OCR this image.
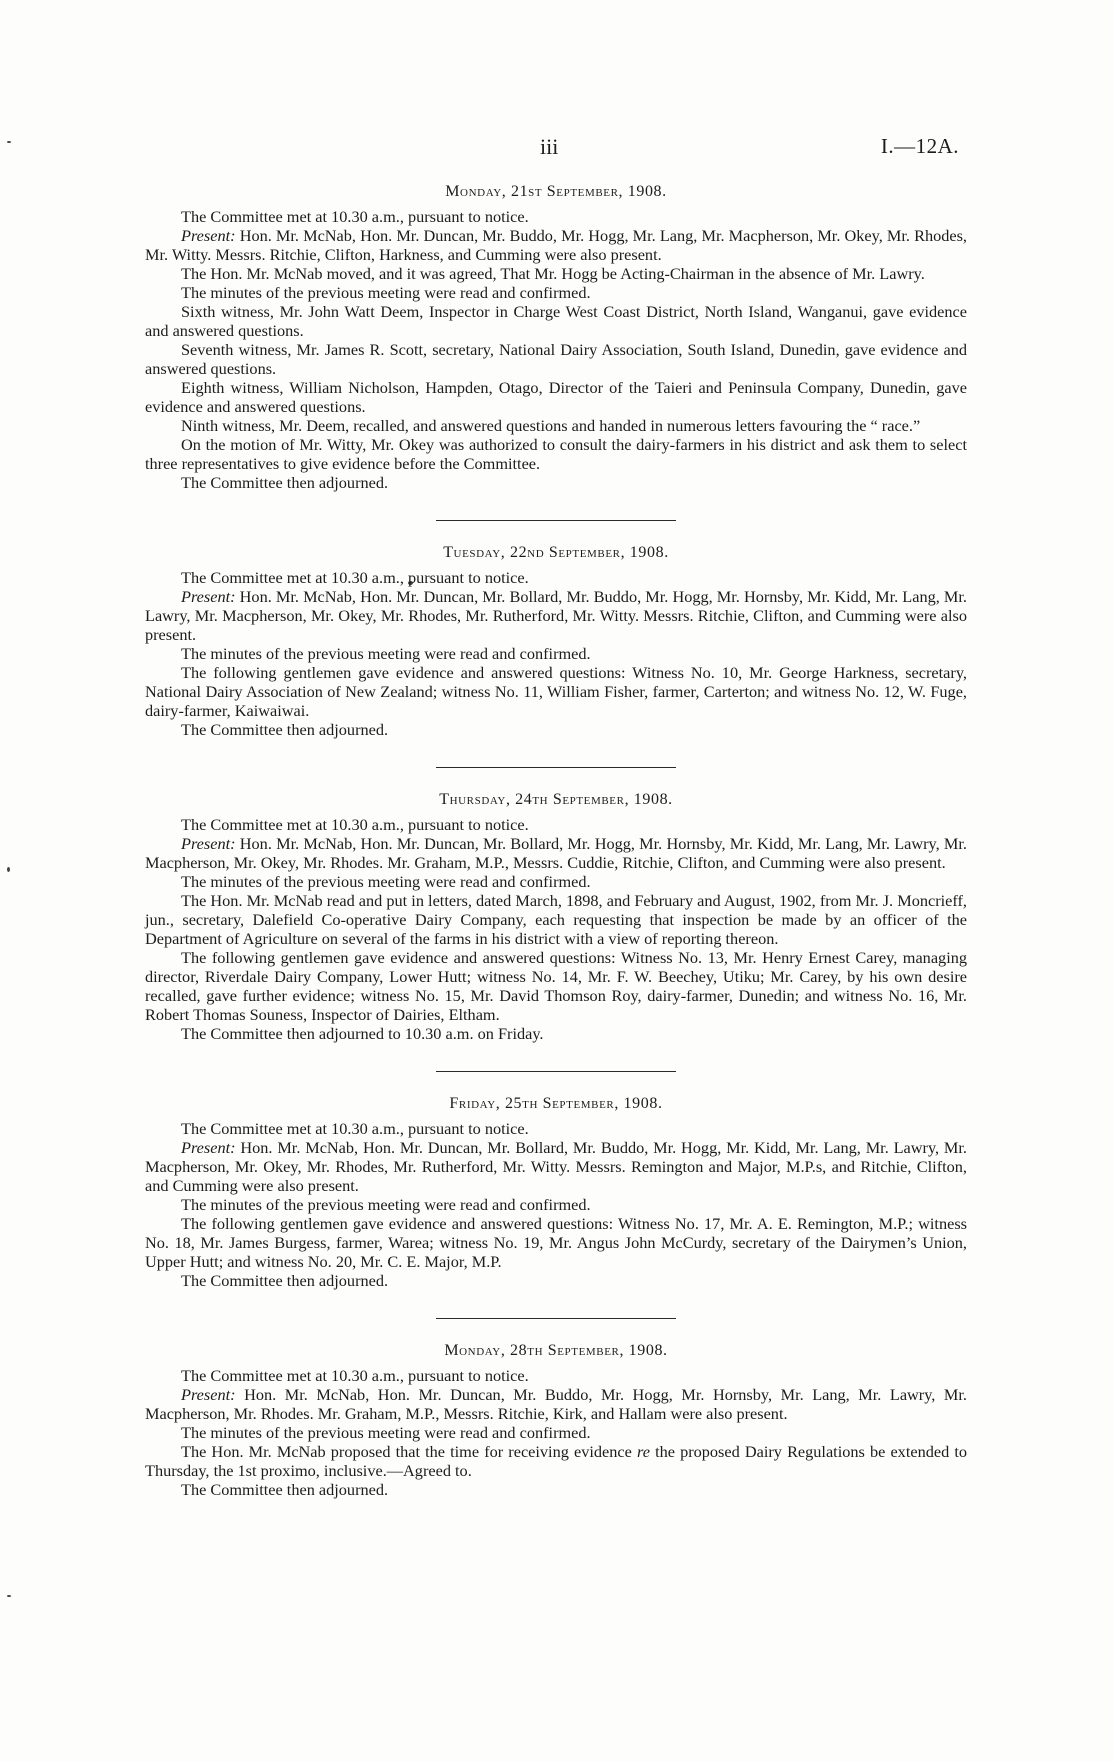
iii	I.—12A.

Monday, 21st September, 1908.

The Committee met at 10.30 a.m., pursuant to notice.

Present: Hon. Mr. McNab, Hon. Mr. Duncan, Mr. Buddo, Mr. Hogg, Mr. Lang, Mr. Macpherson, Mr. Okey, Mr. Rhodes, Mr. Witty. Messrs. Ritchie, Clifton, Harkness, and Cumming were also present.

The Hon. Mr. McNab moved, and it was agreed, That Mr. Hogg be Acting-Chairman in the absence of Mr. Lawry.

The minutes of the previous meeting were read and confirmed.

Sixth witness, Mr. John Watt Deem, Inspector in Charge West Coast District, North Island, Wanganui, gave evidence and answered questions.

Seventh witness, Mr. James R. Scott, secretary, National Dairy Association, South Island, Dunedin, gave evidence and answered questions.

Eighth witness, William Nicholson, Hampden, Otago, Director of the Taieri and Peninsula Company, Dunedin, gave evidence and answered questions.

Ninth witness, Mr. Deem, recalled, and answered questions and handed in numerous letters favouring the “ race.”

On the motion of Mr. Witty, Mr. Okey was authorized to consult the dairy-farmers in his district and ask them to select three representatives to give evidence before the Committee.

The Committee then adjourned.

Tuesday, 22nd September, 1908.

The Committee met at 10.30 a.m., pursuant to notice.

Present: Hon. Mr. McNab, Hon. Mr. Duncan, Mr. Bollard, Mr. Buddo, Mr. Hogg, Mr. Hornsby, Mr. Kidd, Mr. Lang, Mr. Lawry, Mr. Macpherson, Mr. Okey, Mr. Rhodes, Mr. Rutherford, Mr. Witty. Messrs. Ritchie, Clifton, and Cumming were also present.

The minutes of the previous meeting were read and confirmed.

The following gentlemen gave evidence and answered questions: Witness No. 10, Mr. George Harkness, secretary, National Dairy Association of New Zealand; witness No. 11, William Fisher, farmer, Carterton; and witness No. 12, W. Fuge, dairy-farmer, Kaiwaiwai.

The Committee then adjourned.

Thursday, 24th September, 1908.

The Committee met at 10.30 a.m., pursuant to notice.

Present: Hon. Mr. McNab, Hon. Mr. Duncan, Mr. Bollard, Mr. Hogg, Mr. Hornsby, Mr. Kidd, Mr. Lang, Mr. Lawry, Mr. Macpherson, Mr. Okey, Mr. Rhodes. Mr. Graham, M.P., Messrs. Cuddie, Ritchie, Clifton, and Cumming were also present.

The minutes of the previous meeting were read and confirmed.

The Hon. Mr. McNab read and put in letters, dated March, 1898, and February and August, 1902, from Mr. J. Moncrieff, jun., secretary, Dalefield Co-operative Dairy Company, each requesting that inspection be made by an officer of the Department of Agriculture on several of the farms in his district with a view of reporting thereon.

The following gentlemen gave evidence and answered questions: Witness No. 13, Mr. Henry Ernest Carey, managing director, Riverdale Dairy Company, Lower Hutt; witness No. 14, Mr. F. W. Beechey, Utiku; Mr. Carey, by his own desire recalled, gave further evidence; witness No. 15, Mr. David Thomson Roy, dairy-farmer, Dunedin; and witness No. 16, Mr. Robert Thomas Souness, Inspector of Dairies, Eltham.

The Committee then adjourned to 10.30 a.m. on Friday.

Friday, 25th September, 1908.

The Committee met at 10.30 a.m., pursuant to notice.

Present: Hon. Mr. McNab, Hon. Mr. Duncan, Mr. Bollard, Mr. Buddo, Mr. Hogg, Mr. Kidd, Mr. Lang, Mr. Lawry, Mr. Macpherson, Mr. Okey, Mr. Rhodes, Mr. Rutherford, Mr. Witty. Messrs. Remington and Major, M.P.s, and Ritchie, Clifton, and Cumming were also present.

The minutes of the previous meeting were read and confirmed.

The following gentlemen gave evidence and answered questions: Witness No. 17, Mr. A. E. Remington, M.P.; witness No. 18, Mr. James Burgess, farmer, Warea; witness No. 19, Mr. Angus John McCurdy, secretary of the Dairymen’s Union, Upper Hutt; and witness No. 20, Mr. C. E. Major, M.P.

The Committee then adjourned.

Monday, 28th September, 1908.

The Committee met at 10.30 a.m., pursuant to notice.

Present: Hon. Mr. McNab, Hon. Mr. Duncan, Mr. Buddo, Mr. Hogg, Mr. Hornsby, Mr. Lang, Mr. Lawry, Mr. Macpherson, Mr. Rhodes. Mr. Graham, M.P., Messrs. Ritchie, Kirk, and Hallam were also present.

The minutes of the previous meeting were read and confirmed.

The Hon. Mr. McNab proposed that the time for receiving evidence re the proposed Dairy Regulations be extended to Thursday, the 1st proximo, inclusive.—Agreed to.

The Committee then adjourned.
